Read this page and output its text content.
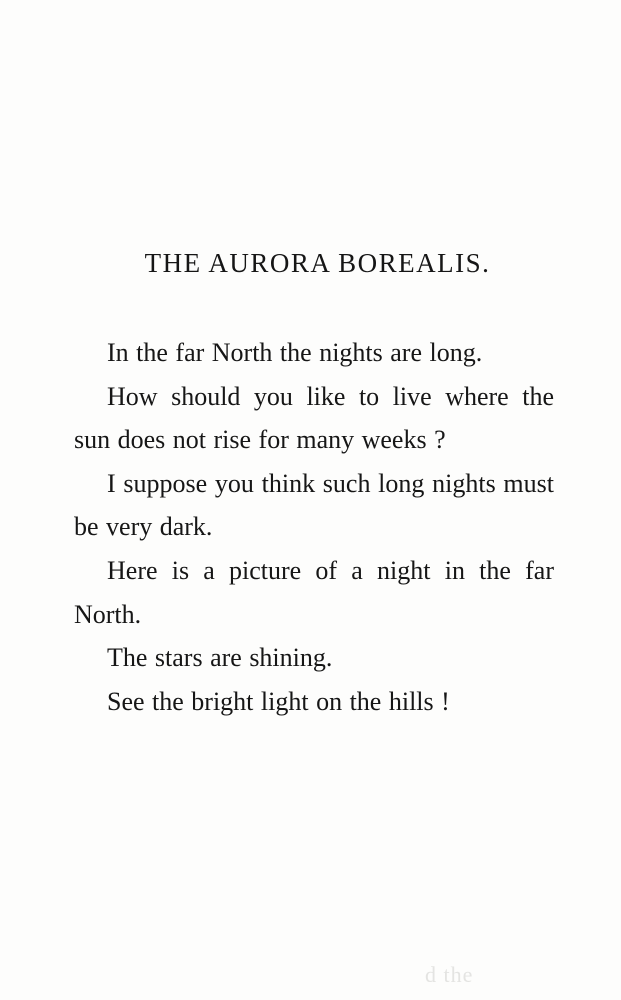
THE AURORA BOREALIS.

In the far North the nights are long.

How should you like to live where the sun does not rise for many weeks ?

I suppose you think such long nights must be very dark.

Here is a picture of a night in the far North.

The stars are shining.

See the bright light on the hills !

d the
